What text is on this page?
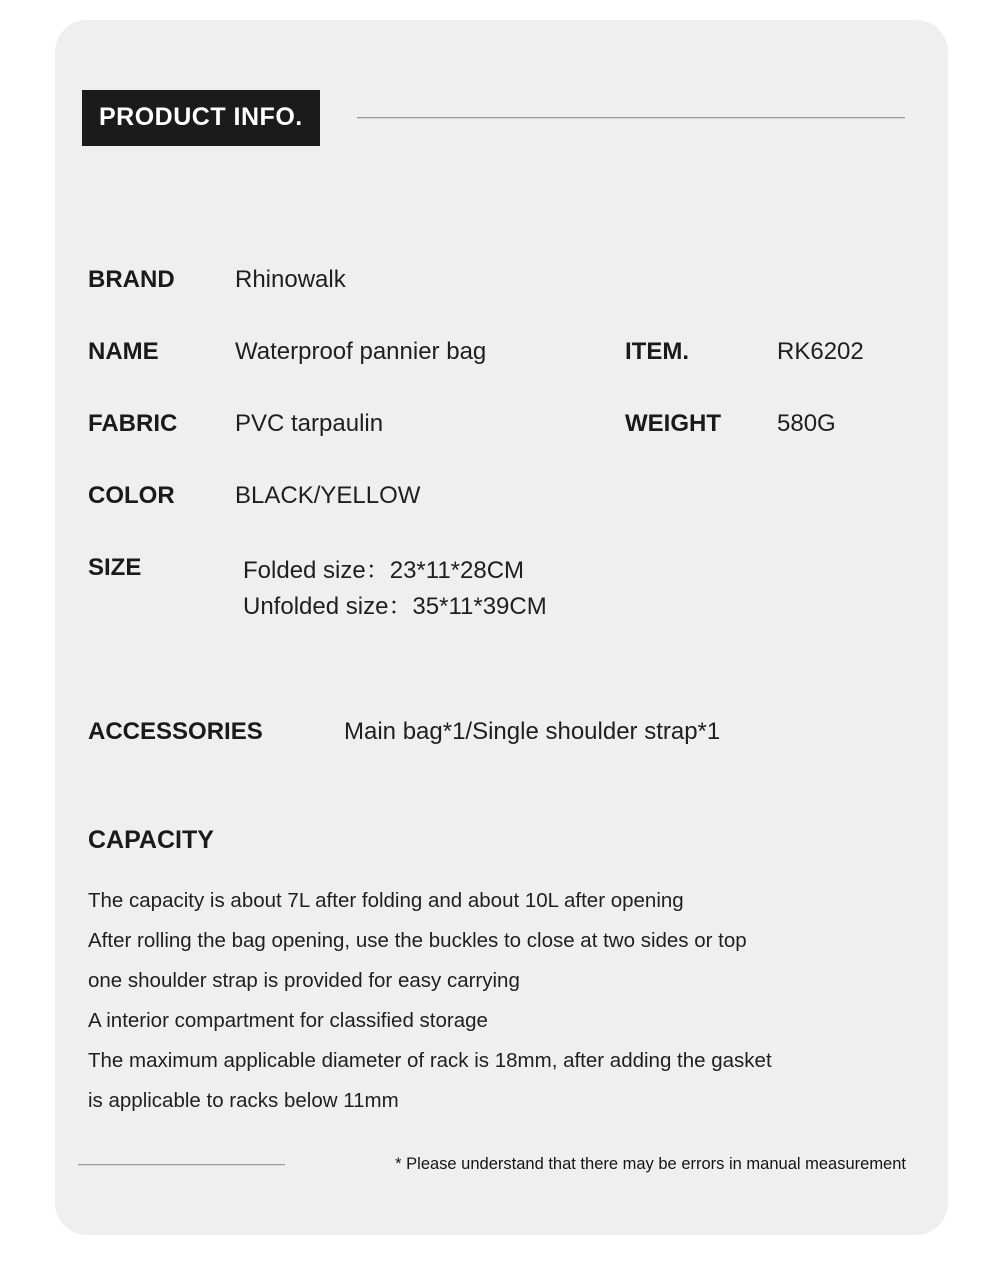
PRODUCT INFO.
BRAND	Rhinowalk
NAME	Waterproof pannier bag	ITEM.	RK6202
FABRIC	PVC tarpaulin	WEIGHT	580G
COLOR	BLACK/YELLOW
SIZE	Folded size：23*11*28CM
Unfolded size：35*11*39CM
ACCESSORIES	Main bag*1/Single shoulder strap*1
CAPACITY
The capacity is about 7L after folding and about 10L after opening
After rolling the bag opening, use the buckles to close at two sides or top
one shoulder strap is provided for easy carrying
A interior compartment for classified storage
The maximum applicable diameter of rack is 18mm, after adding the gasket
is applicable to racks below 11mm
* Please understand that there may be errors in manual measurement
